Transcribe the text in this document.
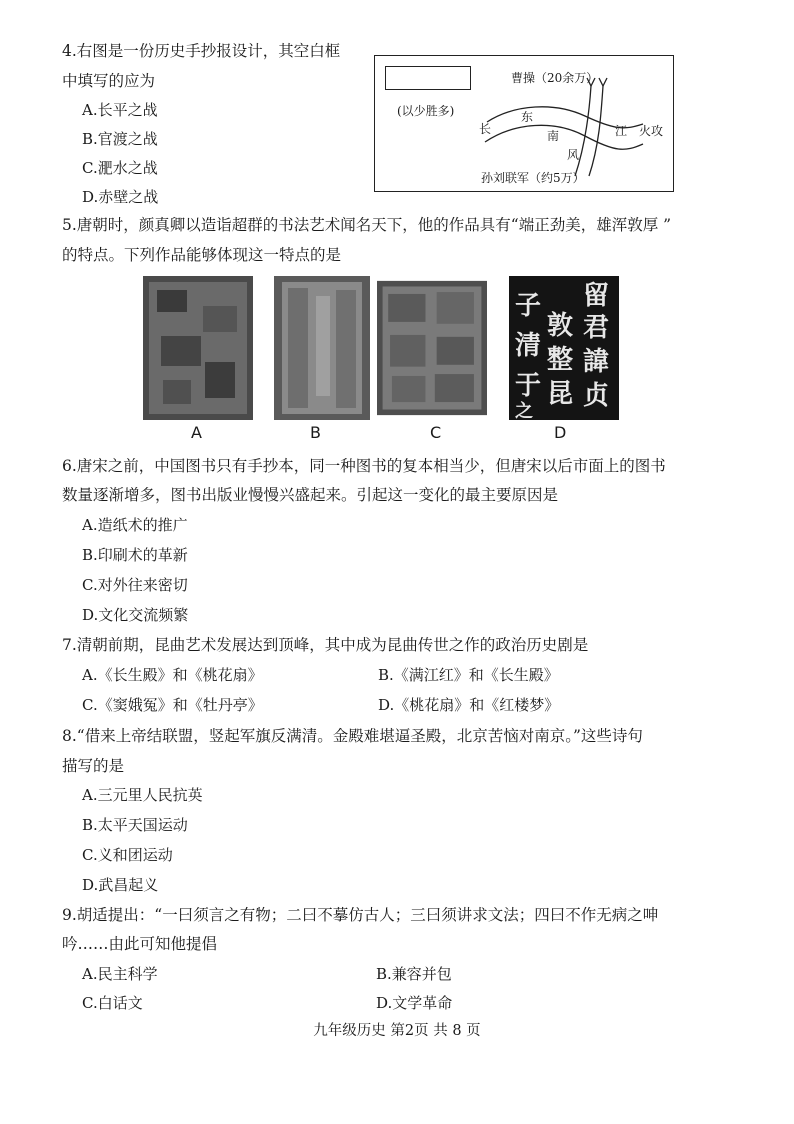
4.右图是一份历史手抄报设计，其空白框
中填写的应为
A.长平之战
B.官渡之战
C.淝水之战
D.赤壁之战
(以少胜多)
曹操（20余万）
长
东
南	江
风
火攻
孙刘联军（约5万）
5.唐朝时，颜真卿以造诣超群的书法艺术闻名天下，他的作品具有“端正劲美，雄浑敦厚 ”
的特点。下列作品能够体现这一特点的是
留
子
敦 君
諱
清 整
贞
昆
于
之
A	B	C	D
6.唐宋之前，中国图书只有手抄本，同一种图书的复本相当少，但唐宋以后市面上的图书
数量逐渐增多，图书出版业慢慢兴盛起来。引起这一变化的最主要原因是
A.造纸术的推广
B.印刷术的革新
C.对外往来密切
D.文化交流频繁
7.清朝前期，昆曲艺术发展达到顶峰，其中成为昆曲传世之作的政治历史剧是
A.《长生殿》和《桃花扇》	B.《满江红》和《长生殿》
C.《窦娥冤》和《牡丹亭》	D.《桃花扇》和《红楼梦》
8.“借来上帝结联盟，竖起军旗反满清。金殿难堪逼圣殿，北京苦恼对南京。”这些诗句
描写的是
A.三元里人民抗英
B.太平天国运动
C.义和团运动
D.武昌起义
9.胡适提出：“一曰须言之有物；二曰不摹仿古人；三曰须讲求文法；四曰不作无病之呻
吟……由此可知他提倡
A.民主科学	B.兼容并包
C.白话文	D.文学革命
九年级历史 第2页 共 8 页
